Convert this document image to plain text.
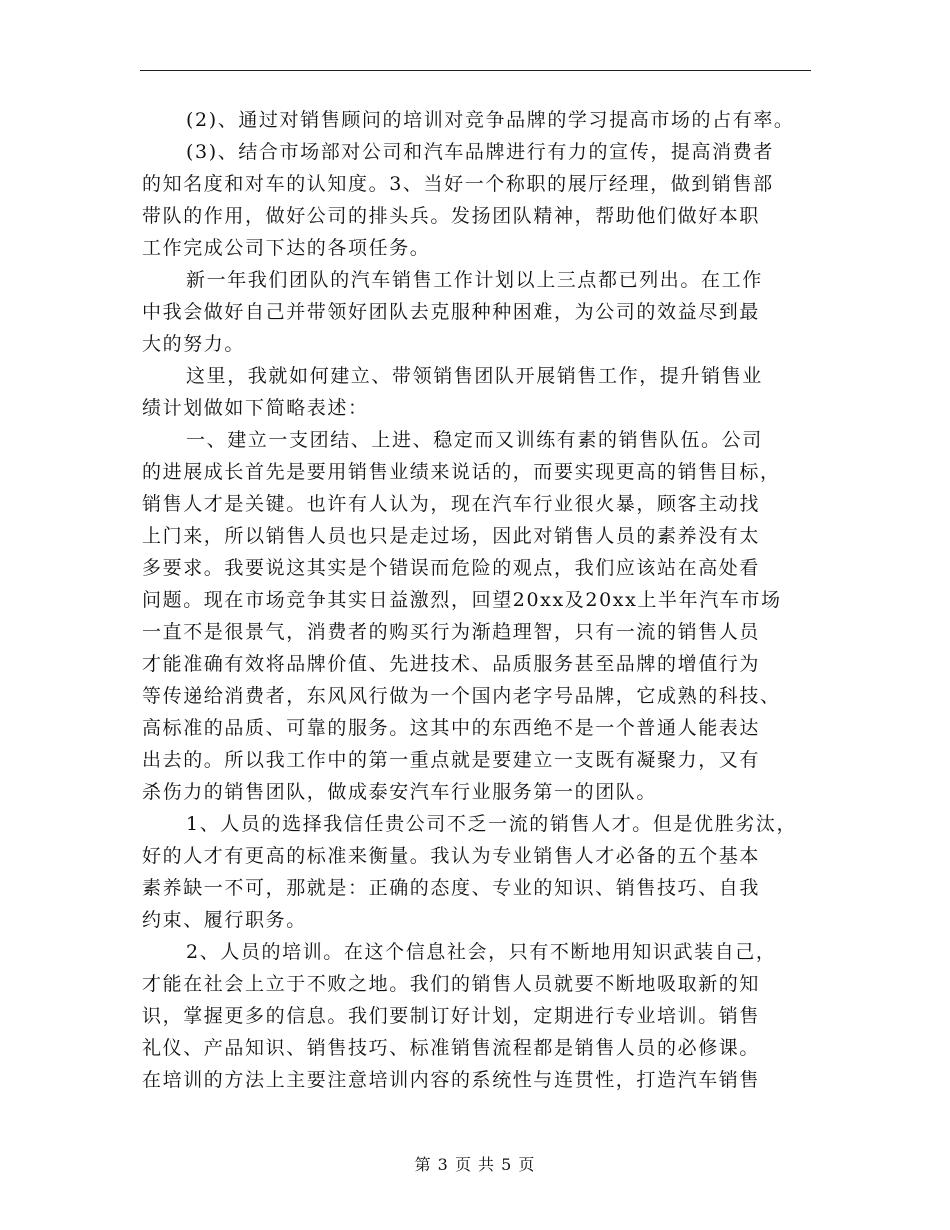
(2)、通过对销售顾问的培训对竞争品牌的学习提高市场的占有率。
(3)、结合市场部对公司和汽车品牌进行有力的宣传，提高消费者
的知名度和对车的认知度。3、当好一个称职的展厅经理，做到销售部
带队的作用，做好公司的排头兵。发扬团队精神，帮助他们做好本职
工作完成公司下达的各项任务。
新一年我们团队的汽车销售工作计划以上三点都已列出。在工作
中我会做好自己并带领好团队去克服种种困难，为公司的效益尽到最
大的努力。
这里，我就如何建立、带领销售团队开展销售工作，提升销售业
绩计划做如下简略表述：
一、建立一支团结、上进、稳定而又训练有素的销售队伍。公司
的进展成长首先是要用销售业绩来说话的，而要实现更高的销售目标，
销售人才是关键。也许有人认为，现在汽车行业很火暴，顾客主动找
上门来，所以销售人员也只是走过场，因此对销售人员的素养没有太
多要求。我要说这其实是个错误而危险的观点，我们应该站在高处看
问题。现在市场竞争其实日益激烈，回望20xx及20xx上半年汽车市场
一直不是很景气，消费者的购买行为渐趋理智，只有一流的销售人员
才能准确有效将品牌价值、先进技术、品质服务甚至品牌的增值行为
等传递给消费者，东风风行做为一个国内老字号品牌，它成熟的科技、
高标准的品质、可靠的服务。这其中的东西绝不是一个普通人能表达
出去的。所以我工作中的第一重点就是要建立一支既有凝聚力，又有
杀伤力的销售团队，做成泰安汽车行业服务第一的团队。
1、人员的选择我信任贵公司不乏一流的销售人才。但是优胜劣汰，
好的人才有更高的标准来衡量。我认为专业销售人才必备的五个基本
素养缺一不可，那就是：正确的态度、专业的知识、销售技巧、自我
约束、履行职务。
2、人员的培训。在这个信息社会，只有不断地用知识武装自己，
才能在社会上立于不败之地。我们的销售人员就要不断地吸取新的知
识，掌握更多的信息。我们要制订好计划，定期进行专业培训。销售
礼仪、产品知识、销售技巧、标准销售流程都是销售人员的必修课。
在培训的方法上主要注意培训内容的系统性与连贯性，打造汽车销售
第 3 页 共 5 页
